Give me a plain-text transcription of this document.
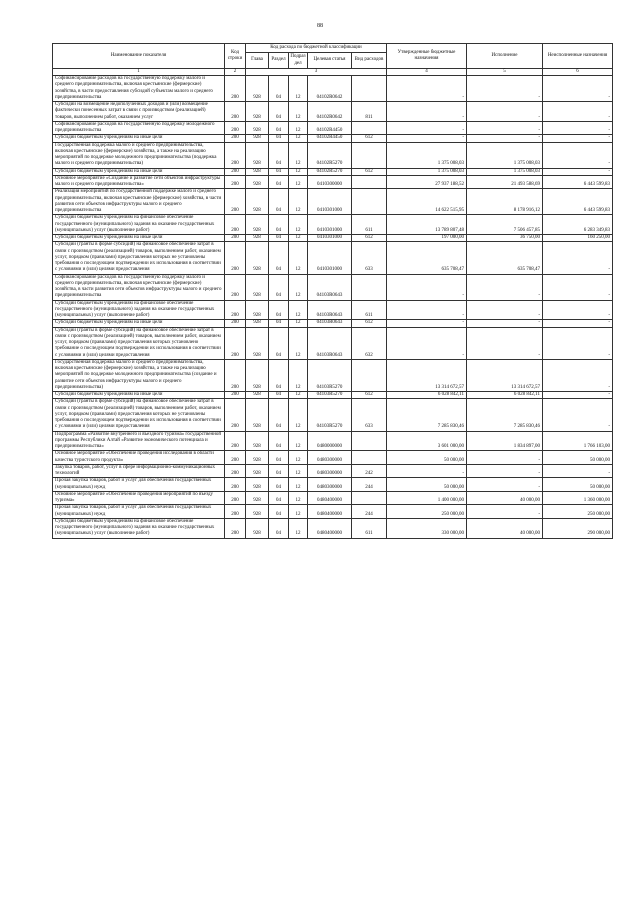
88
Наименование показателя	Код строки	Код расхода по бюджетной классификации					Утвержденные бюджетные назначения	Исполнение	Неисполненные назначения
		Глава	Раздел	Подраз дел	Целевая статья	Вид расходов			
1	2	3					4	5	6
Софинансирование расходов на государственную поддержку малого и среднего предпринимательства, включая крестьянские (фермерские) хозяйства, в части предоставления субсидий субъектам малого и среднего предпринимательства	200	928	04	12	04102R0642		-	-	-
Субсидии на возмещение недополученных доходов и (или) возмещение фактически понесенных затрат в связи с производством (реализацией) товаров, выполнением работ, оказанием услуг	200	928	04	12	04102R0642	811	-	-	-
Софинансирование расходов на государственную поддержку молодежного предпринимательства	200	928	04	12	04102R4450		-	-	-
Субсидии бюджетным учреждениям на иные цели	200	928	04	12	04102R4450	612	-	-	-
Государственная поддержка малого и среднего предпринимательства, включая крестьянские (фермерские) хозяйства, а также на реализацию мероприятий по поддержке молодежного предпринимательства (поддержка малого и среднего предпринимательства)	200	928	04	12	04102R5270		1 375 008,03	1 375 008,03	-
Субсидии бюджетным учреждениям на иные цели	200	928	04	12	04102R5270	612	1 375 008,03	1 375 008,03	-
Основное мероприятие «Создание и развитие сети объектов инфраструктуры малого и среднего предпринимательства»	200	928	04	12	0410300000		27 937 188,52	21 493 588,69	6 443 599,83
Реализация мероприятий по государственной поддержке малого и среднего предпринимательства, включая крестьянские (фермерские) хозяйства, в части развития сети объектов инфраструктуры малого и среднего предпринимательства	200	928	04	12	0410301000		14 622 515,95	8 178 916,12	6 443 599,83
Субсидии бюджетным учреждениям на финансовое обеспечение государственного (муниципального) задания на оказание государственных (муниципальных) услуг (выполнение работ)	200	928	04	12	0410301000	611	13 789 807,48	7 506 457,85	6 283 349,83
Субсидии бюджетным учреждениям на иные цели	200	928	04	12	0410301000	612	197 000,00	36 750,00	160 250,00
Субсидии (гранты в форме субсидий) на финансовое обеспечение затрат в связи с производством (реализацией) товаров, выполнением работ, оказанием услуг, порядком (правилами) предоставления которых не установлены требования о последующем подтверждении их использования в соответствии с условиями и (или) целями предоставления	200	928	04	12	0410301000	633	635 708,47	635 708,47	-
Софинансирование расходов на государственную поддержку малого и среднего предпринимательства, включая крестьянские (фермерские) хозяйства, в части развития сети объектов инфраструктуры малого и среднего предпринимательства	200	928	04	12	04103R0643		-	-	-
Субсидии бюджетным учреждениям на финансовое обеспечение государственного (муниципального) задания на оказание государственных (муниципальных) услуг (выполнение работ)	200	928	04	12	04103R0643	611	-	-	-
Субсидии бюджетным учреждениям на иные цели	200	928	04	12	04103R0643	612	-	-	-
Субсидии (гранты в форме субсидий) на финансовое обеспечение затрат в связи с производством (реализацией) товаров, выполнением работ, оказанием услуг, порядком (правилами) предоставления которых установлено требование о последующем подтверждении их использования в соответствии с условиями и (или) целями предоставления	200	928	04	12	04103R0643	632	-	-	-
Государственная поддержка малого и среднего предпринимательства, включая крестьянские (фермерские) хозяйства, а также на реализацию мероприятий по поддержке молодежного предпринимательства (создание и развитие сети объектов инфраструктуры малого и среднего предпринимательства)	200	928	04	12	04103R5270		13 314 672,57	13 314 672,57	-
Субсидии бюджетным учреждениям на иные цели	200	928	04	12	04103R5270	612	6 028 842,11	6 028 842,11	-
Субсидии (гранты в форме субсидий) на финансовое обеспечение затрат в связи с производством (реализацией) товаров, выполнением работ, оказанием услуг, порядком (правилами) предоставления которых не установлены требования о последующем подтверждении их использования в соответствии с условиями и (или) целями предоставления	200	928	04	12	04103R5270	633	7 285 830,46	7 285 830,46	-
Подпрограмма «Развитие внутреннего и въездного туризма» государственной программы Республики Алтай «Развитие экономического потенциала и предпринимательства»	200	928	04	12	0480000000		3 601 000,00	1 834 897,00	1 766 103,00
Основное мероприятие «Обеспечение проведения исследования в области качества туристского продукта»	200	928	04	12	0480300000		50 000,00	-	50 000,00
Закупка товаров, работ, услуг в сфере информационно-коммуникационных технологий	200	928	04	12	0480300000	242	-	-	-
Прочая закупка товаров, работ и услуг для обеспечения государственных (муниципальных) нужд	200	928	04	12	0480300000	244	50 000,00	-	50 000,00
Основное мероприятие «Обеспечение проведения мероприятий по въезду туризма»	200	928	04	12	0480400000		1 400 000,00	40 000,00	1 360 000,00
Прочая закупка товаров, работ и услуг для обеспечения государственных (муниципальных) нужд	200	928	04	12	0480400000	244	250 000,00	-	250 000,00
Субсидии бюджетным учреждениям на финансовое обеспечение государственного (муниципального) задания на оказание государственных (муниципальных) услуг (выполнение работ)	200	928	04	12	0480400000	611	330 000,00	40 000,00	290 000,00
